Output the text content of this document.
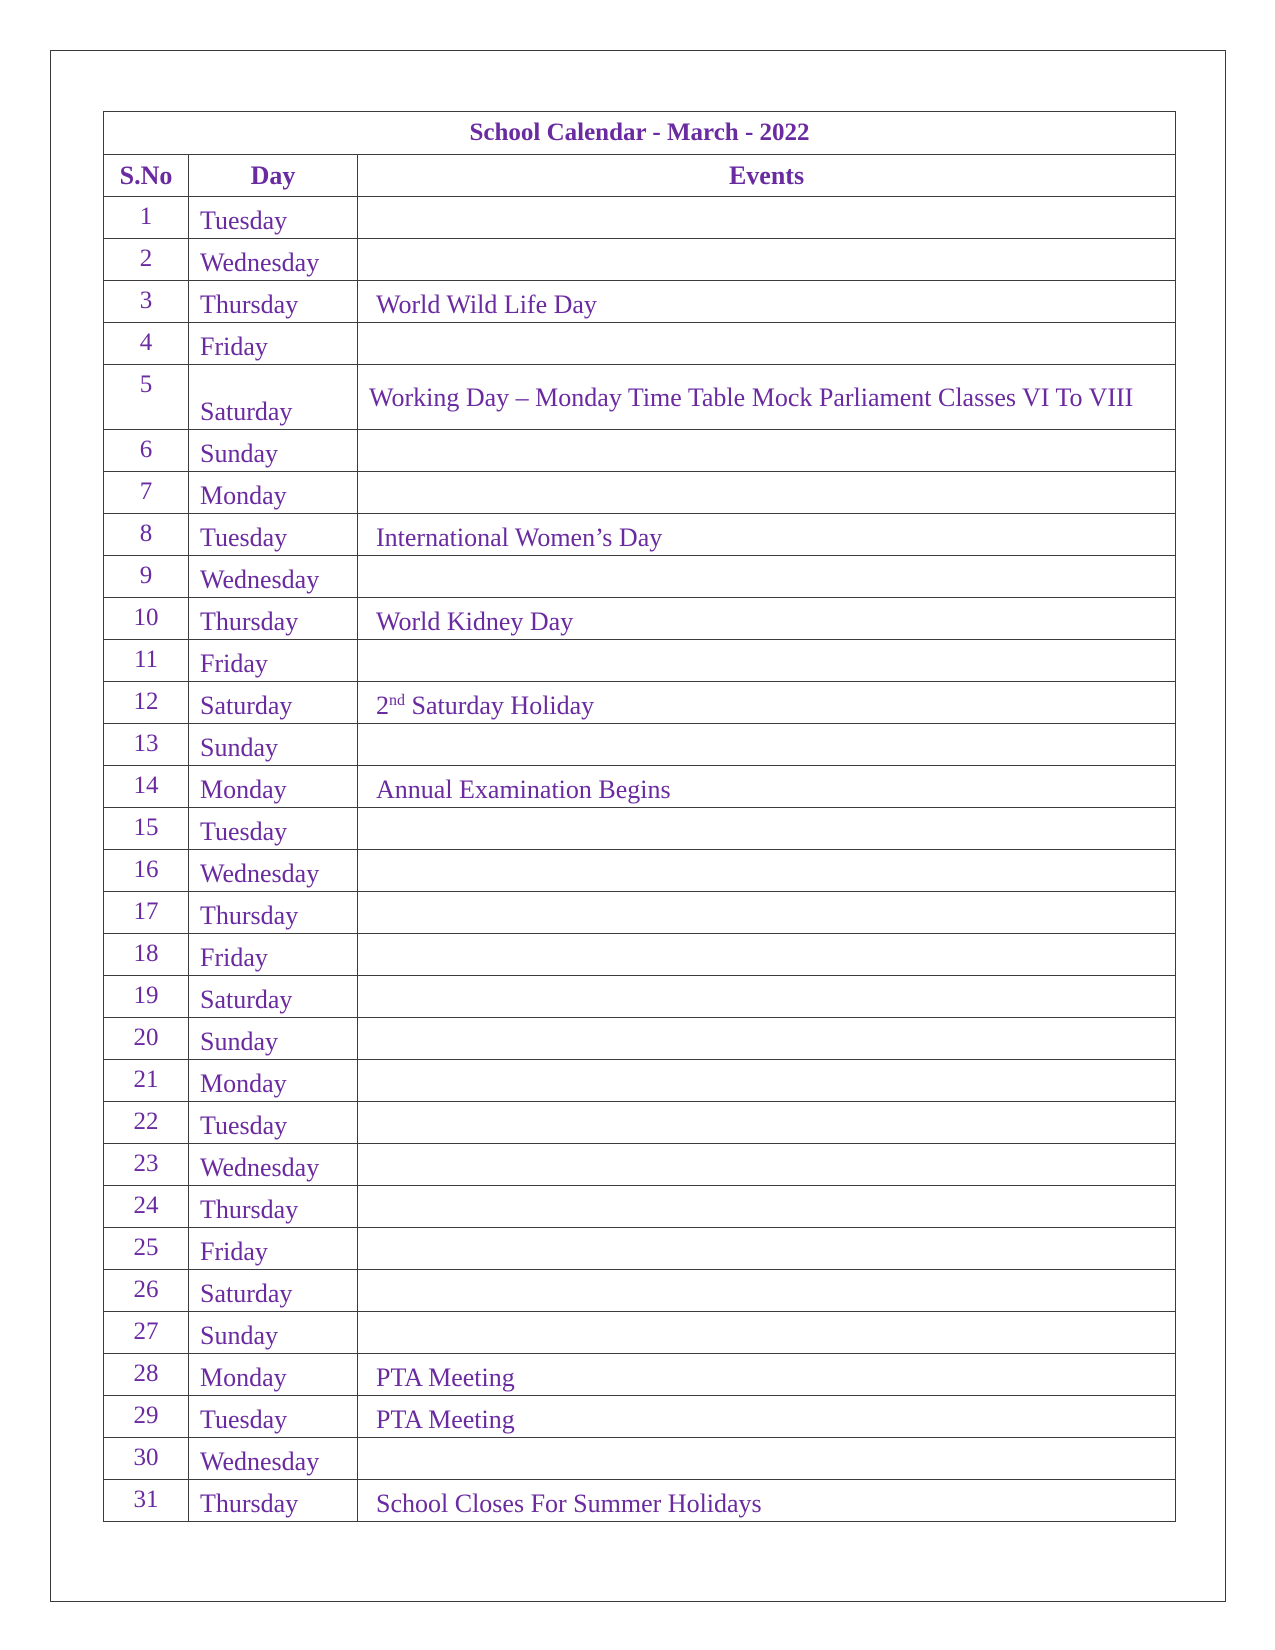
School Calendar - March - 2022		
S.No	Day	Events
1	Tuesday	
2	Wednesday	
3	Thursday	World Wild Life Day
4	Friday	
5	Saturday	Working Day – Monday Time Table Mock Parliament Classes VI To VIII
6	Sunday	
7	Monday	
8	Tuesday	International Women’s Day
9	Wednesday	
10	Thursday	World Kidney Day
11	Friday	
12	Saturday	2nd Saturday Holiday
13	Sunday	
14	Monday	Annual Examination Begins
15	Tuesday	
16	Wednesday	
17	Thursday	
18	Friday	
19	Saturday	
20	Sunday	
21	Monday	
22	Tuesday	
23	Wednesday	
24	Thursday	
25	Friday	
26	Saturday	
27	Sunday	
28	Monday	PTA Meeting
29	Tuesday	PTA Meeting
30	Wednesday	
31	Thursday	School Closes For Summer Holidays
